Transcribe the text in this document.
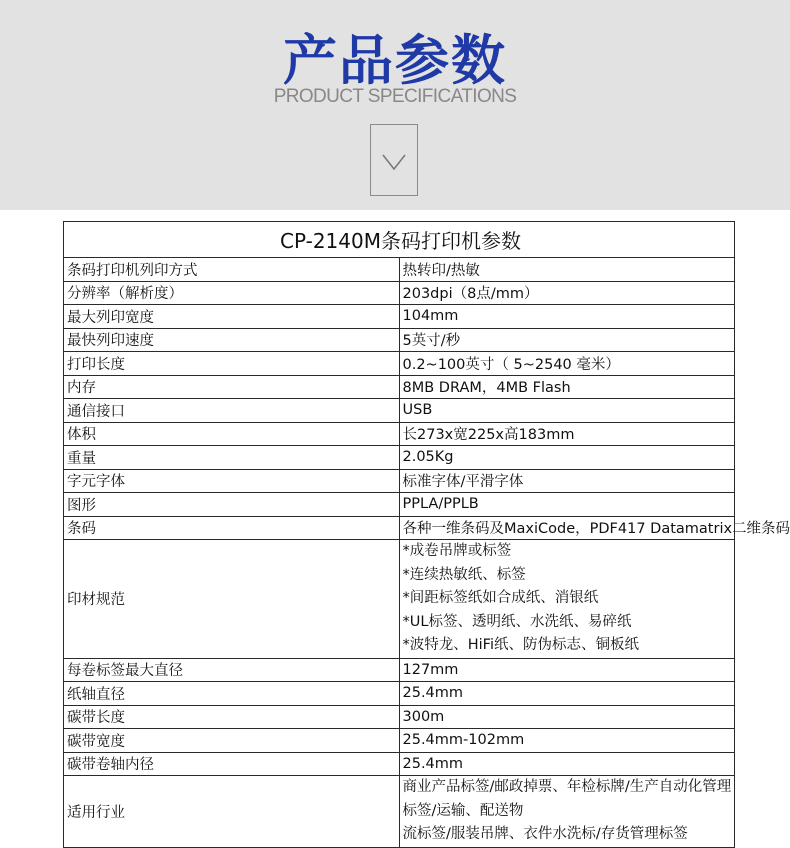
产品参数
PRODUCT SPECIFICATIONS
CP-2140M条码打印机参数	
条码打印机列印方式	热转印/热敏
分辨率（解析度）	203dpi（8点/mm）
最大列印宽度	104mm
最快列印速度	5英寸/秒
打印长度	0.2~100英寸（ 5~2540 毫米）
内存	8MB DRAM，4MB Flash
通信接口	USB
体积	长273x宽225x高183mm
重量	2.05Kg
字元字体	标准字体/平滑字体
图形	PPLA/PPLB
条码	各种一维条码及MaxiCode，PDF417 Datamatrix二维条码
印材规范	*成卷吊牌或标签
*连续热敏纸、标签
*间距标签纸如合成纸、消银纸
*UL标签、透明纸、水洗纸、易碎纸
*波特龙、HiFi纸、防伪标志、铜板纸

每卷标签最大直径	127mm
纸轴直径	25.4mm
碳带长度	300m
碳带宽度	25.4mm-102mm
碳带卷轴内径	25.4mm
适用行业	商业产品标签/邮政掉票、年检标牌/生产自动化管理标签/运输、配送物
流标签/服装吊牌、衣件水洗标/存货管理标签
